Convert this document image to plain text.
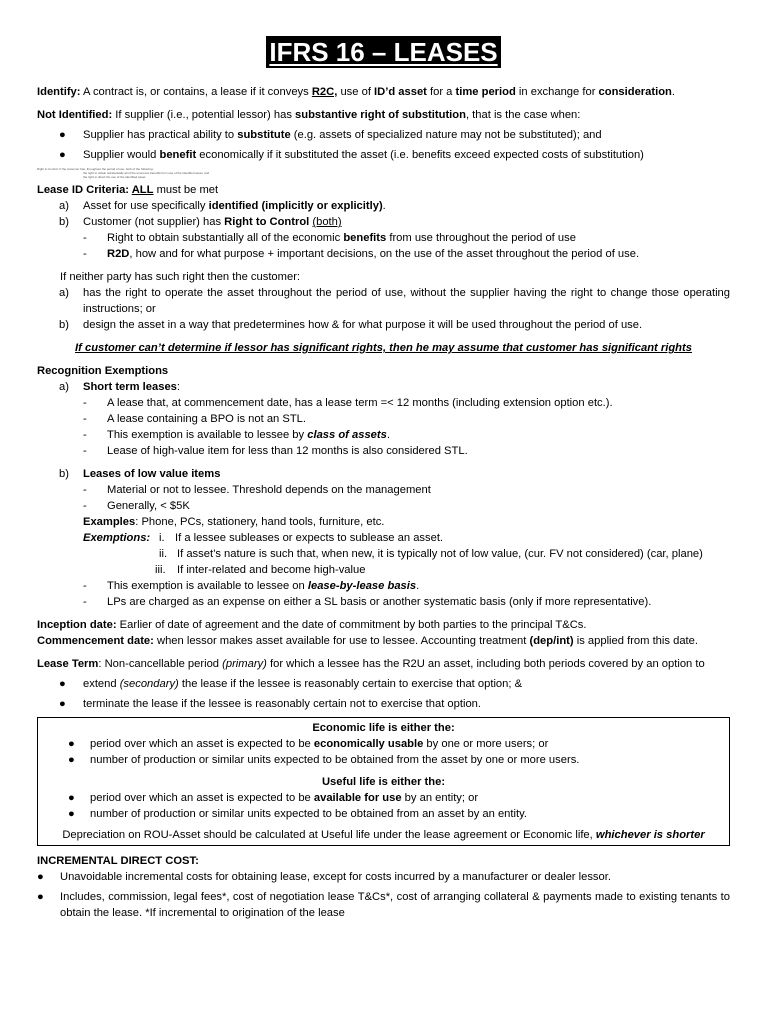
IFRS 16 – LEASES

Identify: A contract is, or contains, a lease if it conveys R2C, use of ID’d asset for a time period in exchange for consideration.

Not Identified: If supplier (i.e., potential lessor) has substantive right of substitution, that is the case when:

● Supplier has practical ability to substitute (e.g. assets of specialized nature may not be substituted); and
● Supplier would benefit economically if it substituted the asset (i.e. benefits exceed expected costs of substitution)
Right to Control: If the customer has, throughout the period of use, both of the following:
the right to obtain substantially all of the economic benefits from use of the identified asset; and
the right to direct the use of the identified asset.

Lease ID Criteria: ALL must be met

a) Asset for use specifically identified (implicitly or explicitly).
b) Customer (not supplier) has Right to Control (both)
- Right to obtain substantially all of the economic benefits from use throughout the period of use
- R2D, how and for what purpose + important decisions, on the use of the asset throughout the period of use.

If neither party has such right then the customer:

a) has the right to operate the asset throughout the period of use, without the supplier having the right to change those operating instructions; or
b) design the asset in a way that predetermines how & for what purpose it will be used throughout the period of use.

If customer can’t determine if lessor has significant rights, then he may assume that customer has significant rights

Recognition Exemptions

a) Short term leases:
- A lease that, at commencement date, has a lease term =< 12 months (including extension option etc.).
- A lease containing a BPO is not an STL.
- This exemption is available to lessee by class of assets.
- Lease of high-value item for less than 12 months is also considered STL.
b) Leases of low value items
- Material or not to lessee. Threshold depends on the management
- Generally, < $5K

Examples: Phone, PCs, stationery, hand tools, furniture, etc.

Exemptions: i. If a lessee subleases or expects to sublease an asset.
ii. If asset’s nature is such that, when new, it is typically not of low value, (cur. FV not considered) (car, plane)
iii. If inter-related and become high-value
- This exemption is available to lessee on lease-by-lease basis.
- LPs are charged as an expense on either a SL basis or another systematic basis (only if more representative).

Inception date: Earlier of date of agreement and the date of commitment by both parties to the principal T&Cs.

Commencement date: when lessor makes asset available for use to lessee. Accounting treatment (dep/int) is applied from this date.

Lease Term: Non-cancellable period (primary) for which a lessee has the R2U an asset, including both periods covered by an option to

● extend (secondary) the lease if the lessee is reasonably certain to exercise that option; &
● terminate the lease if the lessee is reasonably certain not to exercise that option.

Economic life is either the:

● period over which an asset is expected to be economically usable by one or more users; or
● number of production or similar units expected to be obtained from the asset by one or more users.

Useful life is either the:

● period over which an asset is expected to be available for use by an entity; or
● number of production or similar units expected to be obtained from an asset by an entity.

Depreciation on ROU-Asset should be calculated at Useful life under the lease agreement or Economic life, whichever is shorter

INCREMENTAL DIRECT COST:

● Unavoidable incremental costs for obtaining lease, except for costs incurred by a manufacturer or dealer lessor.
● Includes, commission, legal fees*, cost of negotiation lease T&Cs*, cost of arranging collateral & payments made to existing tenants to obtain the lease. *If incremental to origination of the lease
